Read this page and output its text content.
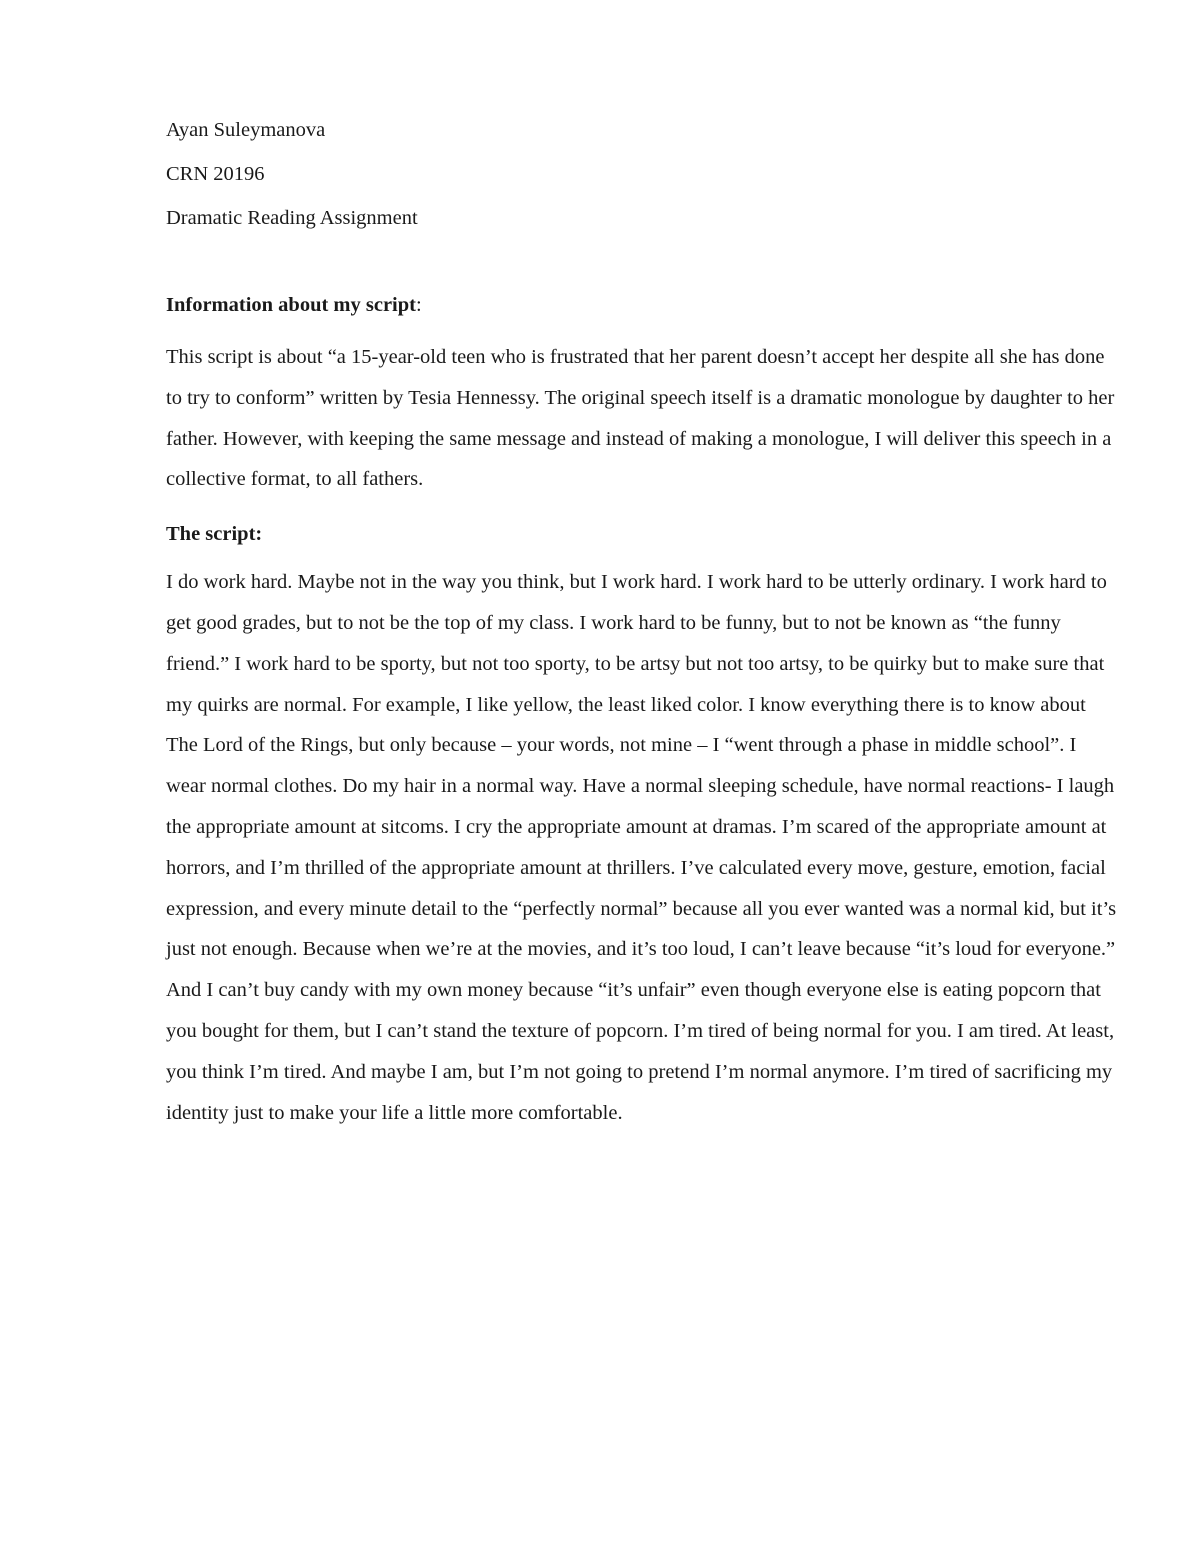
Ayan Suleymanova

CRN 20196

Dramatic Reading Assignment

Information about my script:

This script is about “a 15-year-old teen who is frustrated that her parent doesn’t accept her despite all she has done to try to conform” written by Tesia Hennessy. The original speech itself is a dramatic monologue by daughter to her father. However, with keeping the same message and instead of making a monologue, I will deliver this speech in a collective format, to all fathers.

The script:

I do work hard. Maybe not in the way you think, but I work hard. I work hard to be utterly ordinary. I work hard to get good grades, but to not be the top of my class. I work hard to be funny, but to not be known as “the funny friend.” I work hard to be sporty, but not too sporty, to be artsy but not too artsy, to be quirky but to make sure that my quirks are normal. For example, I like yellow, the least liked color. I know everything there is to know about The Lord of the Rings, but only because – your words, not mine – I “went through a phase in middle school”. I wear normal clothes. Do my hair in a normal way. Have a normal sleeping schedule, have normal reactions- I laugh the appropriate amount at sitcoms. I cry the appropriate amount at dramas. I’m scared of the appropriate amount at horrors, and I’m thrilled of the appropriate amount at thrillers. I’ve calculated every move, gesture, emotion, facial expression, and every minute detail to the “perfectly normal” because all you ever wanted was a normal kid, but it’s just not enough. Because when we’re at the movies, and it’s too loud, I can’t leave because “it’s loud for everyone.” And I can’t buy candy with my own money because “it’s unfair” even though everyone else is eating popcorn that you bought for them, but I can’t stand the texture of popcorn. I’m tired of being normal for you. I am tired. At least, you think I’m tired. And maybe I am, but I’m not going to pretend I’m normal anymore. I’m tired of sacrificing my identity just to make your life a little more comfortable.
